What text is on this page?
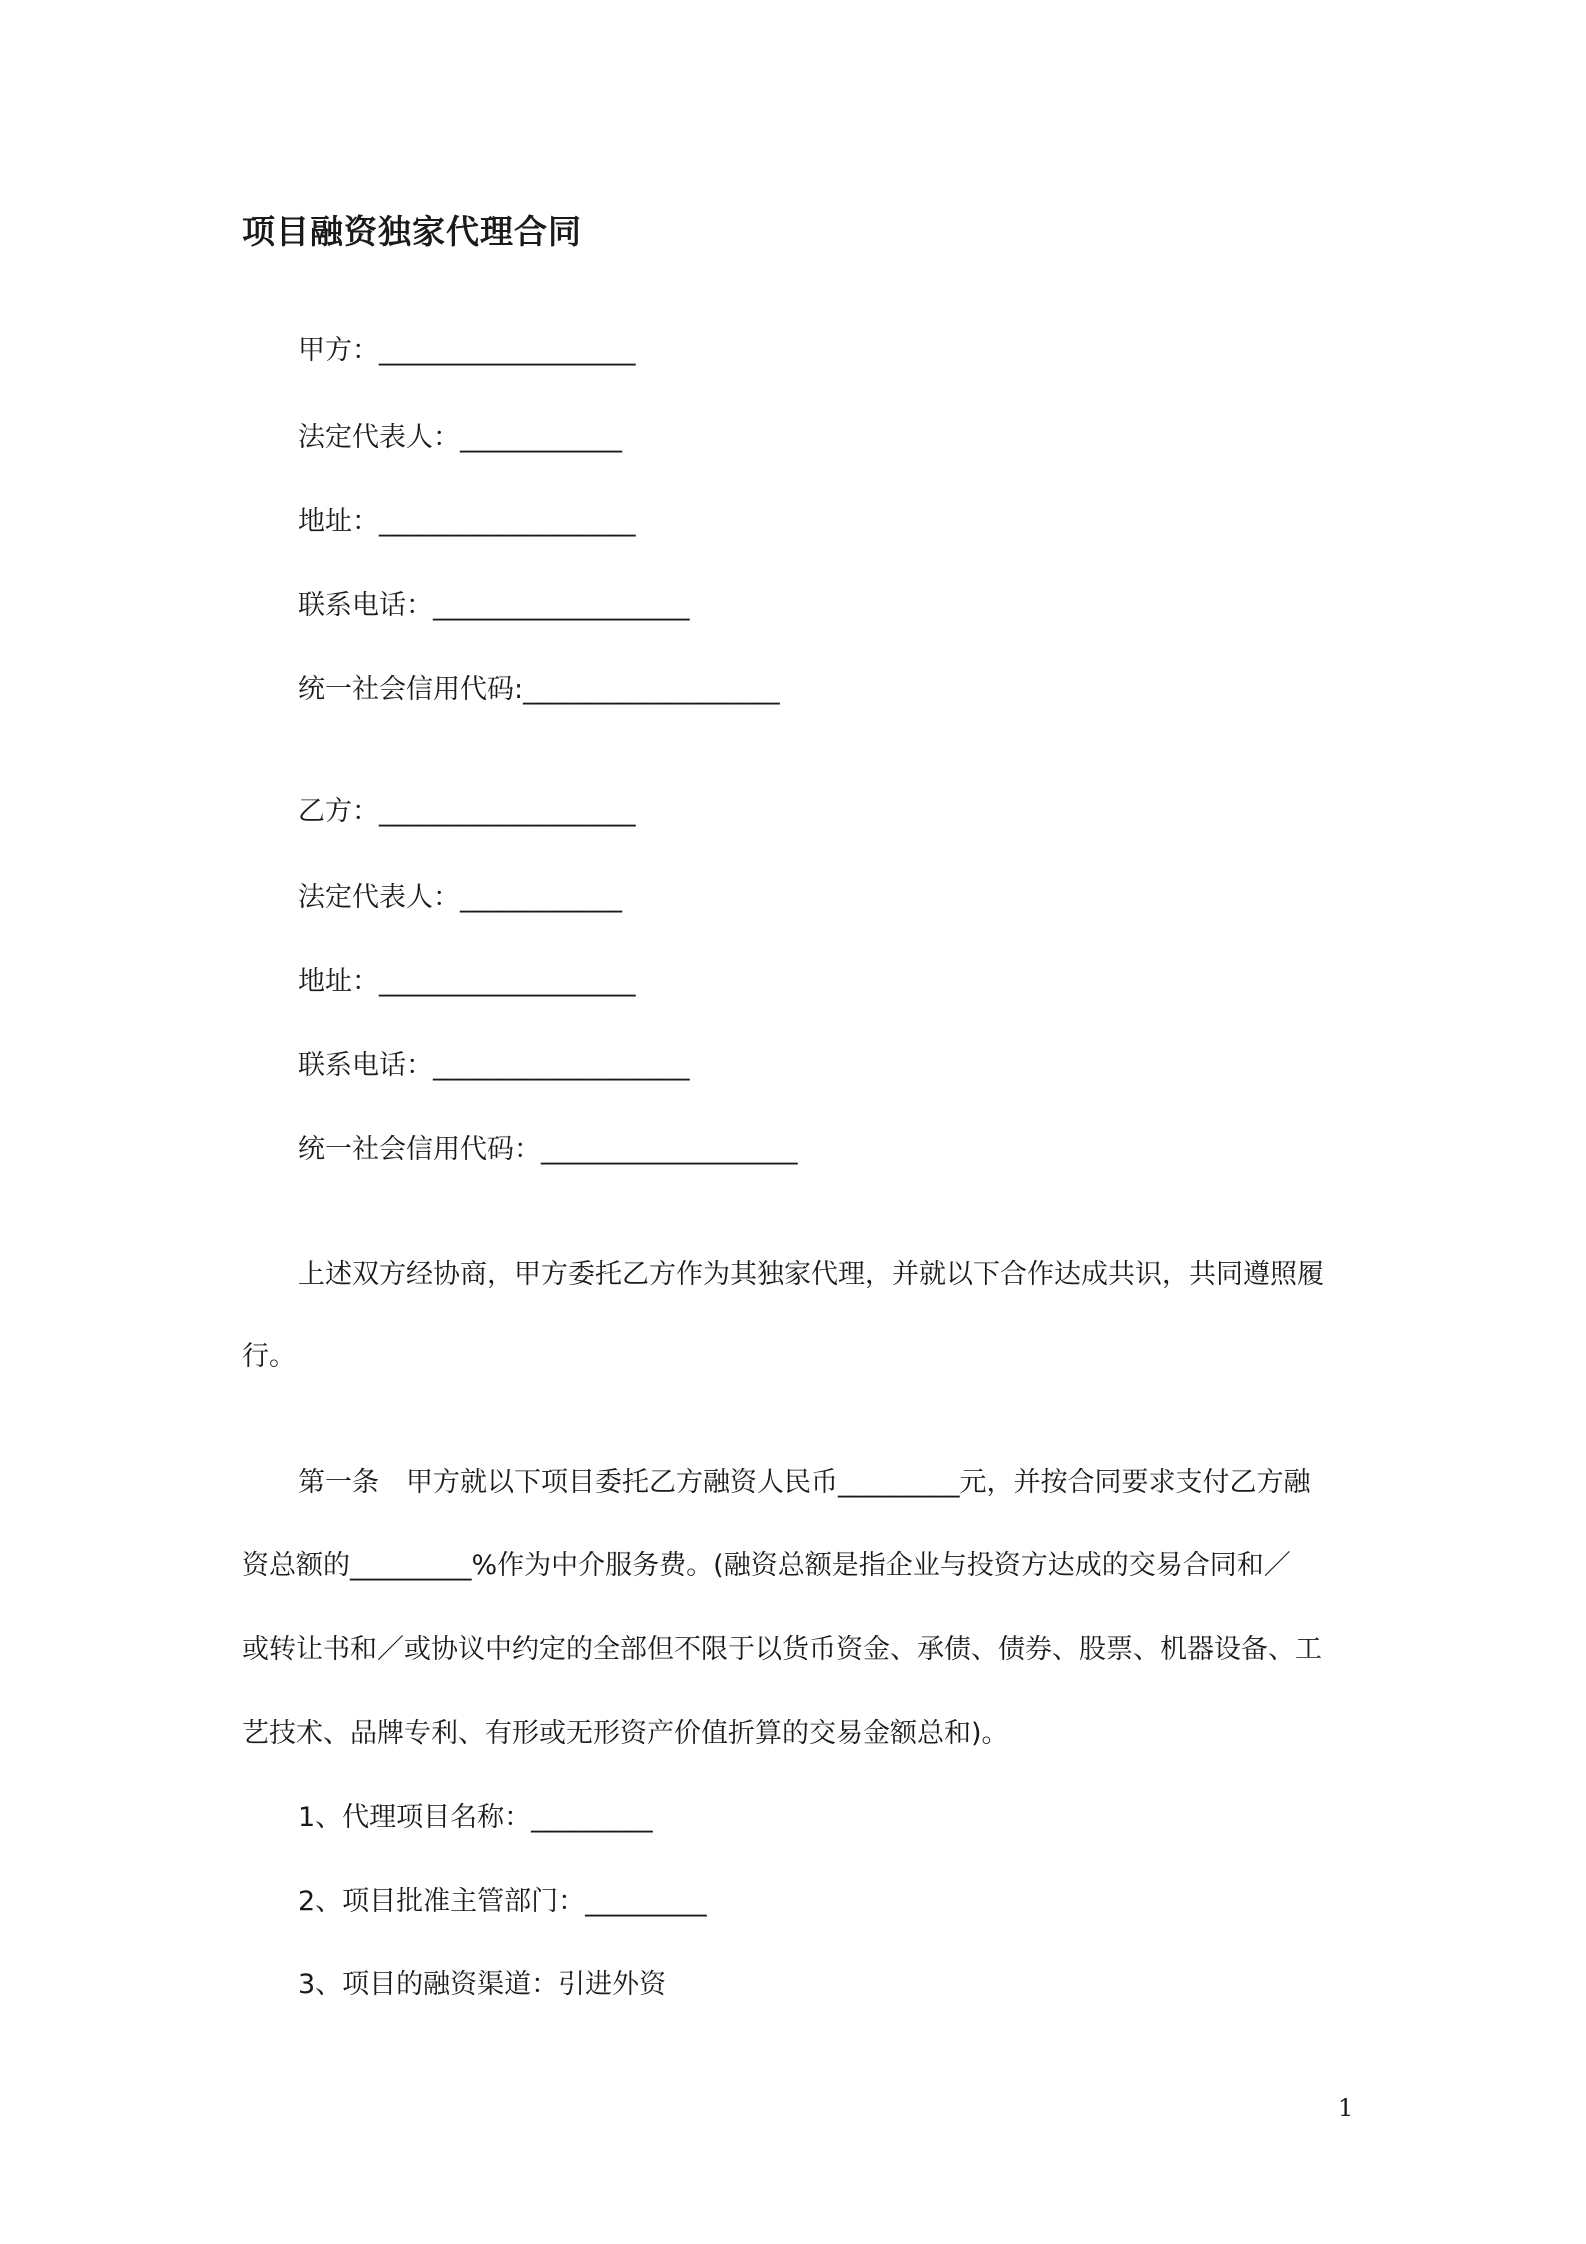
项目融资独家代理合同
甲方：___________________
法定代表人：____________
地址：___________________
联系电话：___________________
统一社会信用代码:___________________
乙方：___________________
法定代表人：____________
地址：___________________
联系电话：___________________
统一社会信用代码：___________________
上述双方经协商，甲方委托乙方作为其独家代理，并就以下合作达成共识，共同遵照履
行。
第一条　甲方就以下项目委托乙方融资人民币_________元，并按合同要求支付乙方融
资总额的_________%作为中介服务费。(融资总额是指企业与投资方达成的交易合同和／
或转让书和／或协议中约定的全部但不限于以货币资金、承债、债券、股票、机器设备、工
艺技术、品牌专利、有形或无形资产价值折算的交易金额总和)。
1、代理项目名称：_________
2、项目批准主管部门：_________
3、项目的融资渠道：引进外资
1
